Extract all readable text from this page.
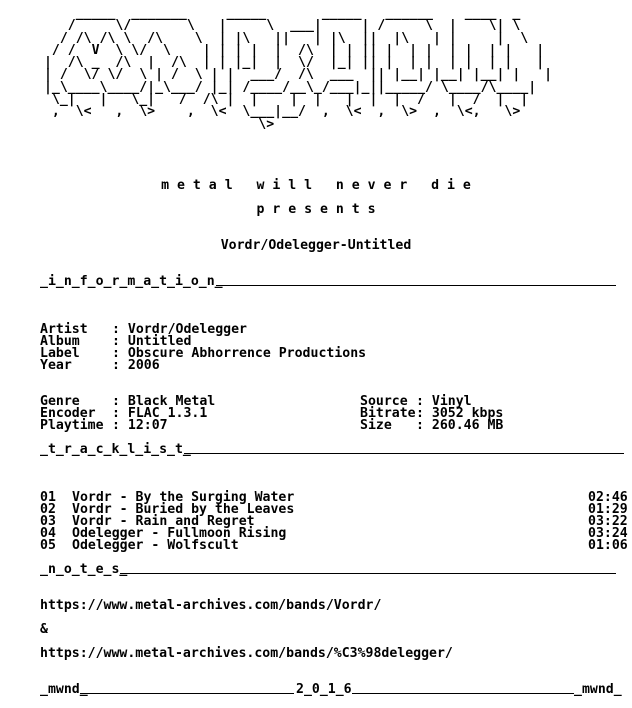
_____  _______     _____       _____   ______    ____  _
/     \/       \   |     \  ___|     | /     \  |    \| \
/ /\ /\ \  /\    \  | |\   ||   | |\  ||  |\   | |     |  \
/ /  V  \ \/  \    | | | |  |  /\  | | || |  | |  | |  | |   |
|  /\ _  /\  |  /\  | | |_|  |  \/  |_| || |  | |  | |  | |   |
| /  \/ \/  \ | /  \ | |  ___/  /\  ___  || |__| |__| |__| |   |
|_\____\____/|_\___/ |_| /____/__\_/___|_||_____/ \____/\____|
\_|   |   \_|   /  /\ |  |    |  |   |  |  |  /   |  /  |  |
,  \<   ,  \>    ,  \<  \___|__/  ,  \<  ,  \>  ,  \<,   \>
\>
m e t a l   w i l l   n e v e r   d i e
p r e s e n t s
Vordr/Odelegger-Untitled
_i_n_f_o_r_m_a_t_i_o_n_

Artist : Vordr/Odelegger
Album : Untitled
Label : Obscure Abhorrence Productions
Year	: 2006

Genre : Black Metal	Source : Vinyl
Encoder : FLAC 1.3.1	Bitrate : 3052 kbps
Playtime : 12:07	Size : 260.46 MB

_t_r_a_c_k_l_i_s_t_

01 Vordr - By the Surging Water	02:46
02 Vordr - Buried by the Leaves	01:29
03 Vordr - Rain and Regret	03:22
04 Odelegger - Fullmoon Rising	03:24
05 Odelegger - Wolfscult	01:06

_n_o_t_e_s_
https://www.metal-archives.com/bands/Vordr/
&
https://www.metal-archives.com/bands/%C3%98delegger/
_mwnd_	2_0_1_6	_mwnd_
